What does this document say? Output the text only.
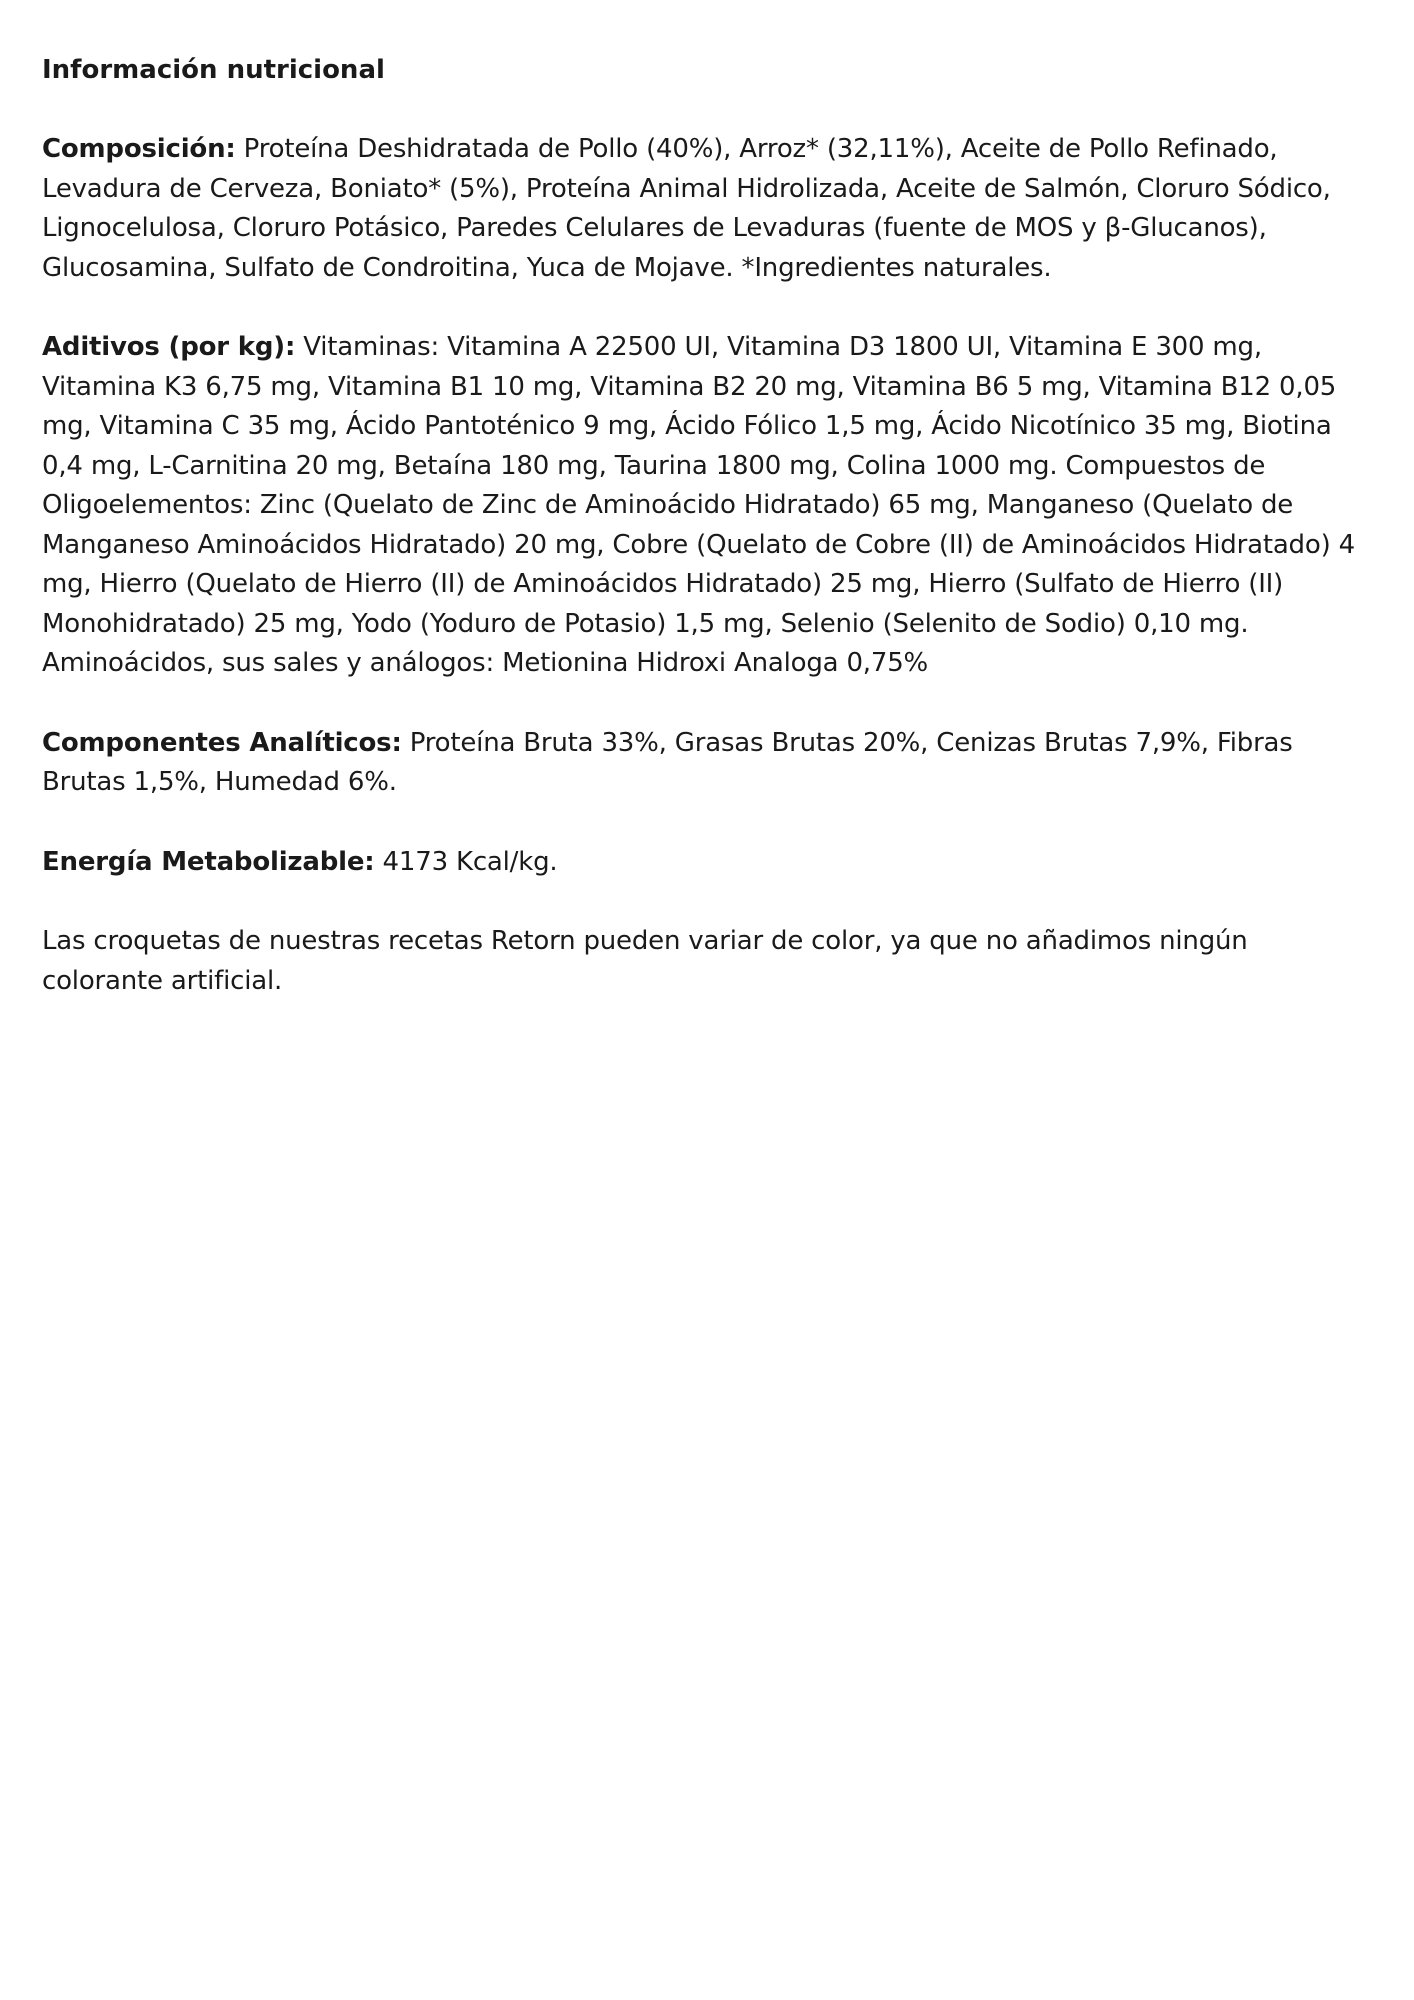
Información nutricional

Composición: Proteína Deshidratada de Pollo (40%), Arroz* (32,11%), Aceite de Pollo Refinado, Levadura de Cerveza, Boniato* (5%), Proteína Animal Hidrolizada, Aceite de Salmón, Cloruro Sódico, Lignocelulosa, Cloruro Potásico, Paredes Celulares de Levaduras (fuente de MOS y β-Glucanos), Glucosamina, Sulfato de Condroitina, Yuca de Mojave. *Ingredientes naturales.

Aditivos (por kg): Vitaminas: Vitamina A 22500 UI, Vitamina D3 1800 UI, Vitamina E 300 mg, Vitamina K3 6,75 mg, Vitamina B1 10 mg, Vitamina B2 20 mg, Vitamina B6 5 mg, Vitamina B12 0,05 mg, Vitamina C 35 mg, Ácido Pantoténico 9 mg, Ácido Fólico 1,5 mg, Ácido Nicotínico 35 mg, Biotina 0,4 mg, L-Carnitina 20 mg, Betaína 180 mg, Taurina 1800 mg, Colina 1000 mg. Compuestos de Oligoelementos: Zinc (Quelato de Zinc de Aminoácido Hidratado) 65 mg, Manganeso (Quelato de Manganeso Aminoácidos Hidratado) 20 mg, Cobre (Quelato de Cobre (II) de Aminoácidos Hidratado) 4 mg, Hierro (Quelato de Hierro (II) de Aminoácidos Hidratado) 25 mg, Hierro (Sulfato de Hierro (II) Monohidratado) 25 mg, Yodo (Yoduro de Potasio) 1,5 mg, Selenio (Selenito de Sodio) 0,10 mg. Aminoácidos, sus sales y análogos: Metionina Hidroxi Analoga 0,75%

Componentes Analíticos: Proteína Bruta 33%, Grasas Brutas 20%, Cenizas Brutas 7,9%, Fibras Brutas 1,5%, Humedad 6%.

Energía Metabolizable: 4173 Kcal/kg.

Las croquetas de nuestras recetas Retorn pueden variar de color, ya que no añadimos ningún colorante artificial.
